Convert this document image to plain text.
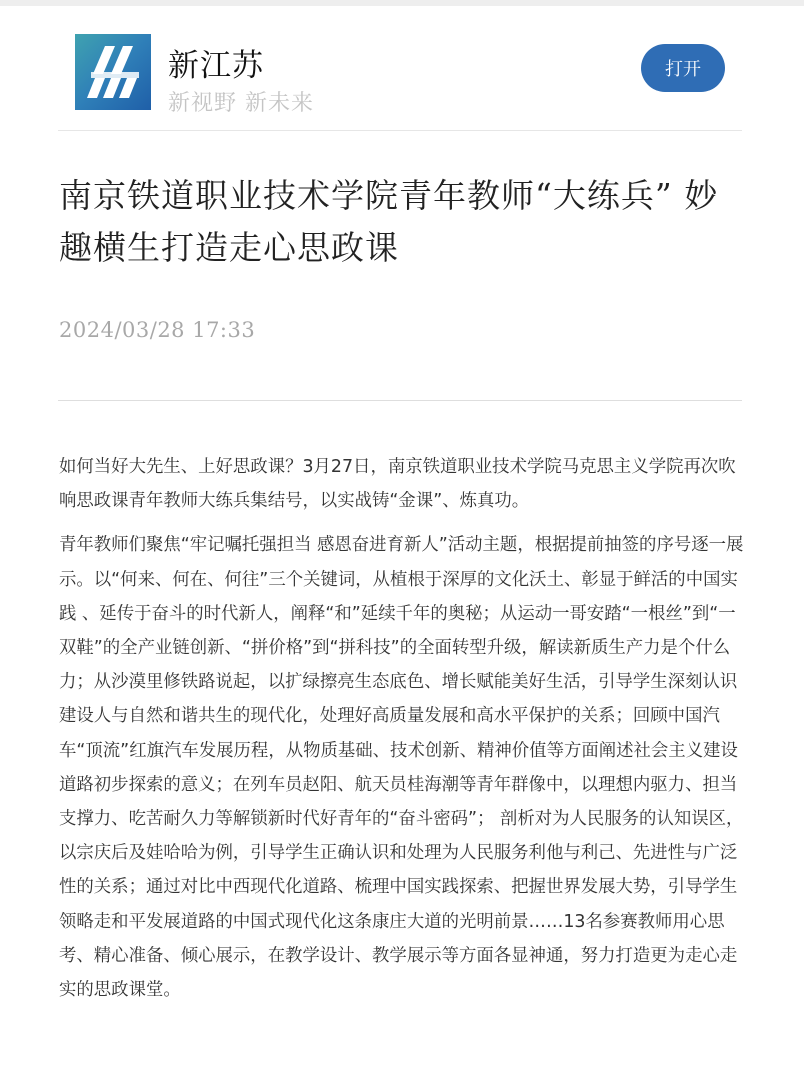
新江苏
新视野 新未来
打开
南京铁道职业技术学院青年教师“大练兵” 妙趣横生打造走心思政课
2024/03/28 17:33

如何当好大先生、上好思政课？3月27日，南京铁道职业技术学院马克思主义学院再次吹响思政课青年教师大练兵集结号，以实战铸“金课”、炼真功。

青年教师们聚焦“牢记嘱托强担当 感恩奋进育新人”活动主题，根据提前抽签的序号逐一展示。以“何来、何在、何往”三个关键词，从植根于深厚的文化沃土、彰显于鲜活的中国实践 、延传于奋斗的时代新人，阐释“和”延续千年的奥秘；从运动一哥安踏“一根丝”到“一双鞋”的全产业链创新、“拼价格”到“拼科技”的全面转型升级，解读新质生产力是个什么力；从沙漠里修铁路说起，以扩绿擦亮生态底色、增长赋能美好生活，引导学生深刻认识建设人与自然和谐共生的现代化，处理好高质量发展和高水平保护的关系；回顾中国汽车“顶流”红旗汽车发展历程，从物质基础、技术创新、精神价值等方面阐述社会主义建设道路初步探索的意义；在列车员赵阳、航天员桂海潮等青年群像中，以理想内驱力、担当支撑力、吃苦耐久力等解锁新时代好青年的“奋斗密码”； 剖析对为人民服务的认知误区，以宗庆后及娃哈哈为例，引导学生正确认识和处理为人民服务利他与利己、先进性与广泛性的关系；通过对比中西现代化道路、梳理中国实践探索、把握世界发展大势，引导学生领略走和平发展道路的中国式现代化这条康庄大道的光明前景……13名参赛教师用心思考、精心准备、倾心展示，在教学设计、教学展示等方面各显神通，努力打造更为走心走实的思政课堂。
